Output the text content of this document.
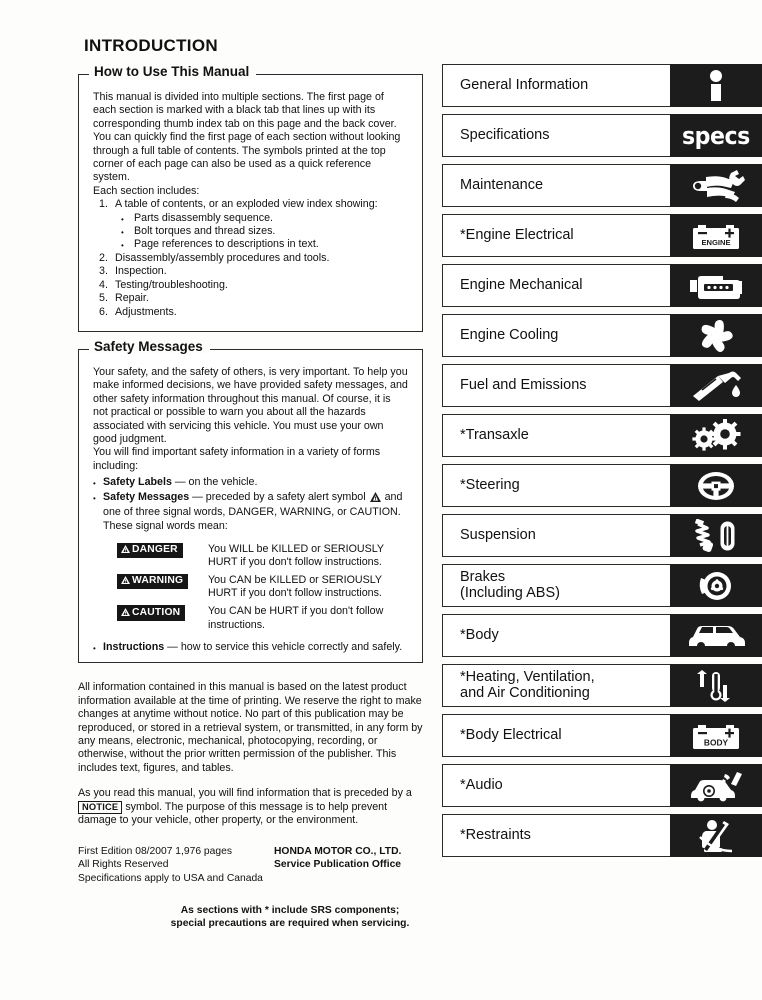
INTRODUCTION
How to Use This Manual

This manual is divided into multiple sections. The first page of each section is marked with a black tab that lines up with its corresponding thumb index tab on this page and the back cover. You can quickly find the first page of each section without looking through a full table of contents. The symbols printed at the top corner of each page can also be used as a quick reference system.

Each section includes:

1. A table of contents, or an exploded view index showing:
• Parts disassembly sequence.
• Bolt torques and thread sizes.
• Page references to descriptions in text.
2. Disassembly/assembly procedures and tools.
3. Inspection.
4. Testing/troubleshooting.
5. Repair.
6. Adjustments.
Safety Messages

Your safety, and the safety of others, is very important. To help you make informed decisions, we have provided safety messages, and other safety information throughout this manual. Of course, it is not practical or possible to warn you about all the hazards associated with servicing this vehicle. You must use your own good judgment.

You will find important safety information in a variety of forms including:

• Safety Labels — on the vehicle.
• Safety Messages — preceded by a safety alert symbol and one of three signal words, DANGER, WARNING, or CAUTION. These signal words mean:
DANGER	You WILL be KILLED or SERIOUSLY HURT if you don't follow instructions.
WARNING	You CAN be KILLED or SERIOUSLY HURT if you don't follow instructions.
CAUTION	You CAN be HURT if you don't follow instructions.
• Instructions — how to service this vehicle correctly and safely.

All information contained in this manual is based on the latest product information available at the time of printing. We reserve the right to make changes at anytime without notice. No part of this publication may be reproduced, or stored in a retrieval system, or transmitted, in any form by any means, electronic, mechanical, photocopying, recording, or otherwise, without the prior written permission of the publisher. This includes text, figures, and tables.

As you read this manual, you will find information that is preceded by a NOTICE symbol. The purpose of this message is to help prevent damage to your vehicle, other property, or the environment.

First Edition 08/2007 1,976 pages
All Rights Reserved
Specifications apply to USA and Canada
HONDA MOTOR CO., LTD.
Service Publication Office
As sections with * include SRS components;
special precautions are required when servicing.
General Information
Specifications	specs
Maintenance
*Engine Electrical	ENGINE
Engine Mechanical
Engine Cooling
Fuel and Emissions
*Transaxle
*Steering
Suspension
Brakes
(Including ABS)
*Body
*Heating, Ventilation,
and Air Conditioning
*Body Electrical	BODY
*Audio
*Restraints
